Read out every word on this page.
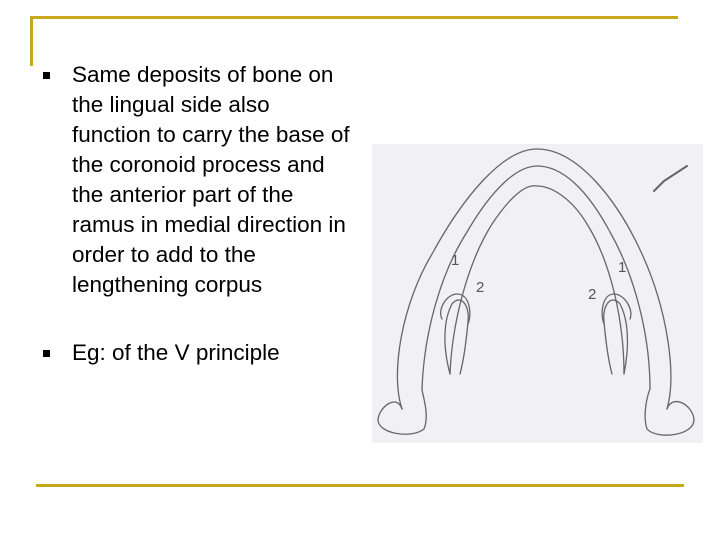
Same deposits of bone on the lingual side also function to carry the base of the coronoid process and the anterior part of the ramus in medial direction in order to add to the lengthening corpus
Eg: of the V principle
1
2	2
1
